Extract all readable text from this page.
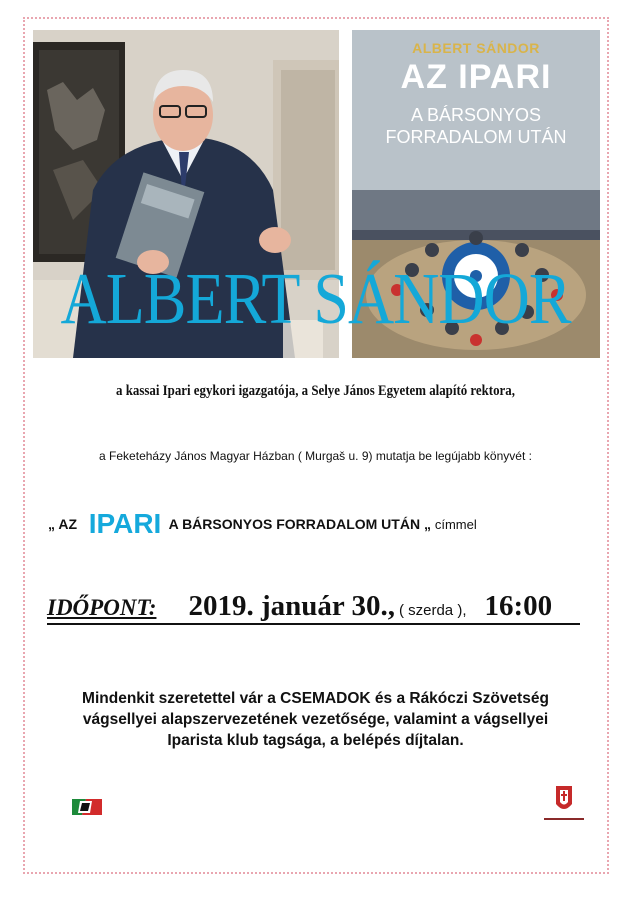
ALBERT SÁNDOR
AZ IPARI
A BÁRSONYOS
FORRADALOM UTÁN
ALBERT SÁNDOR
a kassai Ipari egykori igazgatója, a Selye János Egyetem alapító rektora,
a Feketeházy János Magyar Házban ( Murgaš u. 9) mutatja be legújabb könyvét :
„ AZ IPARI A BÁRSONYOS FORRADALOM UTÁN „ címmel
IDŐPONT: 2019. január 30., ( szerda ), 16:00
Mindenkit szeretettel vár a CSEMADOK és a Rákóczi Szövetség
vágsellyei alapszervezetének vezetősége, valamint a vágsellyei
Iparista klub tagsága, a belépés díjtalan.
